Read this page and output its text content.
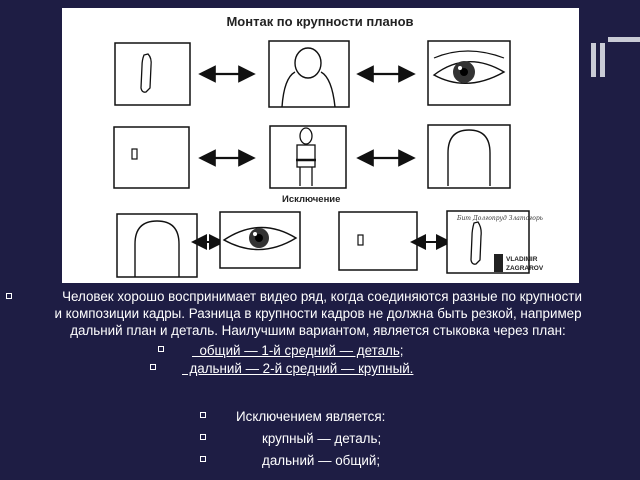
Монтак по крупности планов
Исключение
Бит Долгопруд Златогорь
VLADIMIR
ZAGRAROV
Человек хорошо воспринимает видео ряд, когда соединяются разные по крупности
и композиции кадры. Разница в крупности кадров не должна быть резкой, например
дальний план и деталь. Наилучшим вариантом, является стыковка через план:
общий — 1-й средний — деталь;
дальний — 2-й средний — крупный.
Исключением является:
крупный — деталь;
дальний — общий;
